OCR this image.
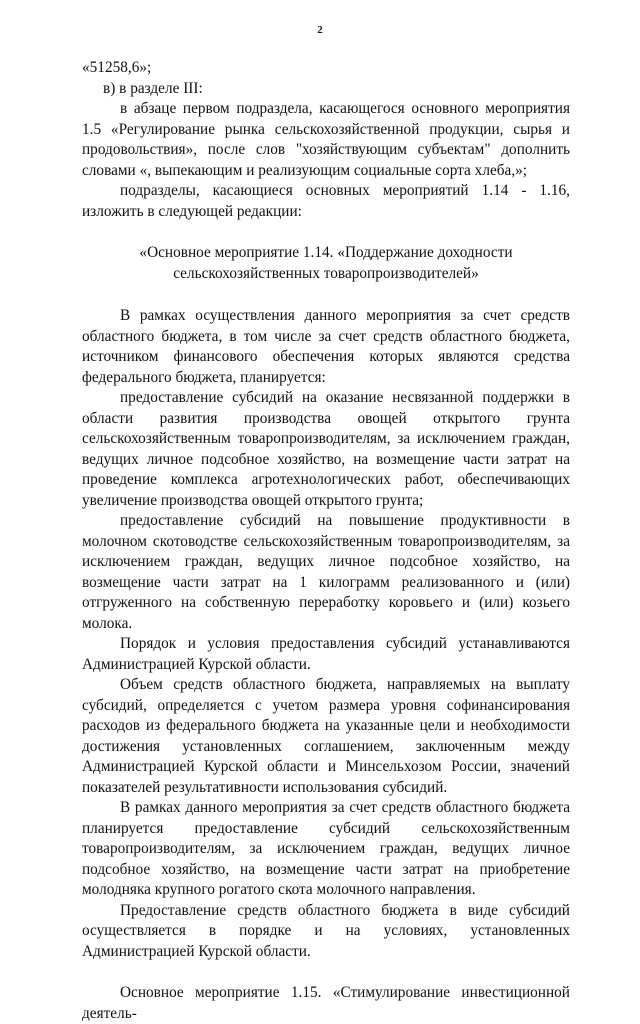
2

«51258,6»;

в) в разделе III:

в абзаце первом подраздела, касающегося основного мероприятия 1.5 «Регулирование рынка сельскохозяйственной продукции, сырья и продовольствия», после слов "хозяйствующим субъектам" дополнить словами «, выпекающим и реализующим социальные сорта хлеба,»;

подразделы, касающиеся основных мероприятий 1.14 - 1.16, изложить в следующей редакции:

«Основное мероприятие 1.14. «Поддержание доходности сельскохозяйственных товаропроизводителей»

В рамках осуществления данного мероприятия за счет средств областного бюджета, в том числе за счет средств областного бюджета, источником финансового обеспечения которых являются средства федерального бюджета, планируется:

предоставление субсидий на оказание несвязанной поддержки в области развития производства овощей открытого грунта сельскохозяйственным товаропроизводителям, за исключением граждан, ведущих личное подсобное хозяйство, на возмещение части затрат на проведение комплекса агротехнологических работ, обеспечивающих увеличение производства овощей открытого грунта;

предоставление субсидий на повышение продуктивности в молочном скотоводстве сельскохозяйственным товаропроизводителям, за исключением граждан, ведущих личное подсобное хозяйство, на возмещение части затрат на 1 килограмм реализованного и (или) отгруженного на собственную переработку коровьего и (или) козьего молока.

Порядок и условия предоставления субсидий устанавливаются Администрацией Курской области.

Объем средств областного бюджета, направляемых на выплату субсидий, определяется с учетом размера уровня софинансирования расходов из федерального бюджета на указанные цели и необходимости достижения установленных соглашением, заключенным между Администрацией Курской области и Минсельхозом России, значений показателей результативности использования субсидий.

В рамках данного мероприятия за счет средств областного бюджета планируется предоставление субсидий сельскохозяйственным товаропроизводителям, за исключением граждан, ведущих личное подсобное хозяйство, на возмещение части затрат на приобретение молодняка крупного рогатого скота молочного направления.

Предоставление средств областного бюджета в виде субсидий осуществляется в порядке и на условиях, установленных Администрацией Курской области.

Основное мероприятие 1.15. «Стимулирование инвестиционной деятель-
